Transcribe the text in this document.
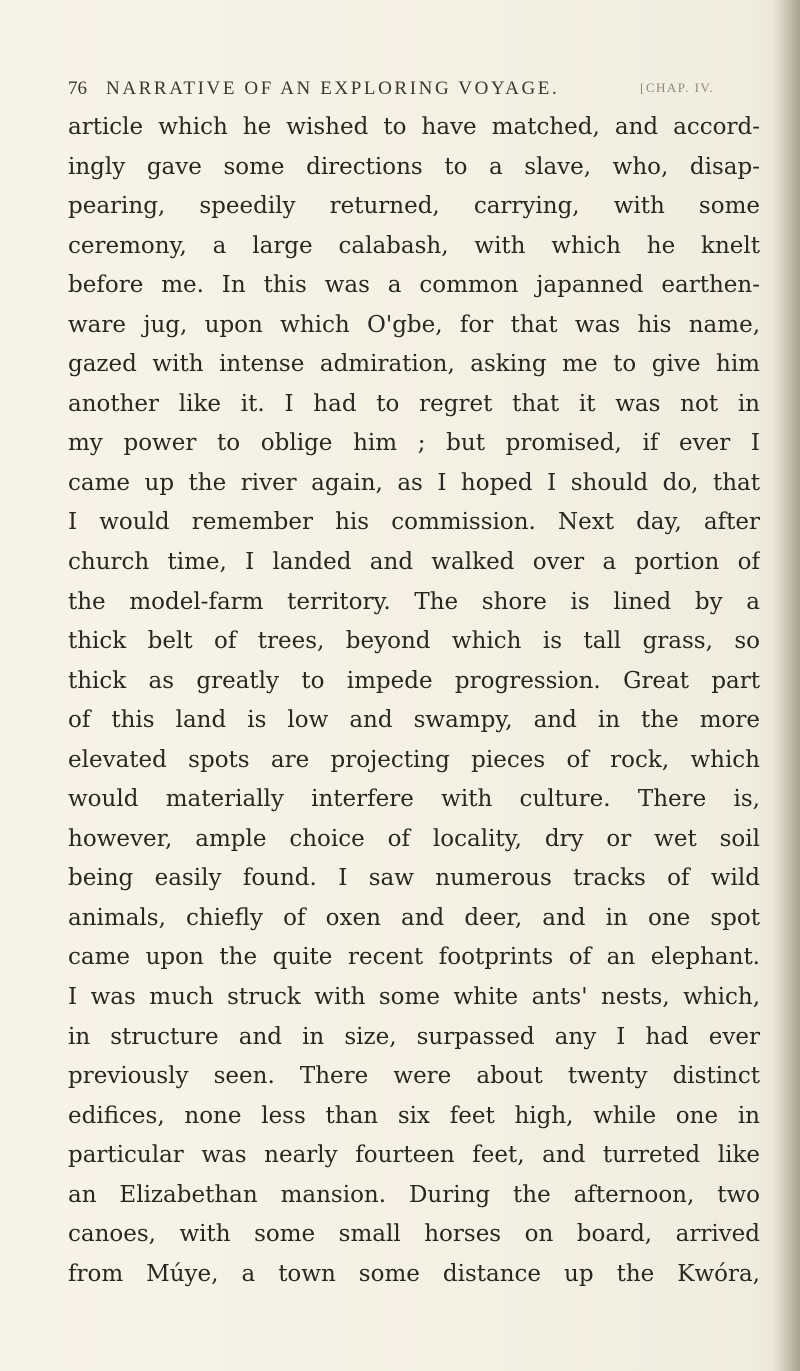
76 NARRATIVE OF AN EXPLORING VOYAGE.	[CHAP. IV.
article which he wished to have matched, and accord-
ingly gave some directions to a slave, who, disap-
pearing, speedily returned, carrying, with some
ceremony, a large calabash, with which he knelt
before me. In this was a common japanned earthen-
ware jug, upon which O'gbe, for that was his name,
gazed with intense admiration, asking me to give him
another like it. I had to regret that it was not in
my power to oblige him ; but promised, if ever I
came up the river again, as I hoped I should do, that
I would remember his commission. Next day, after
church time, I landed and walked over a portion of
the model-farm territory. The shore is lined by a
thick belt of trees, beyond which is tall grass, so
thick as greatly to impede progression. Great part
of this land is low and swampy, and in the more
elevated spots are projecting pieces of rock, which
would materially interfere with culture. There is,
however, ample choice of locality, dry or wet soil
being easily found. I saw numerous tracks of wild
animals, chiefly of oxen and deer, and in one spot
came upon the quite recent footprints of an elephant.
I was much struck with some white ants' nests, which,
in structure and in size, surpassed any I had ever
previously seen. There were about twenty distinct
edifices, none less than six feet high, while one in
particular was nearly fourteen feet, and turreted like
an Elizabethan mansion. During the afternoon, two
canoes, with some small horses on board, arrived
from Múye, a town some distance up the Kwóra,
